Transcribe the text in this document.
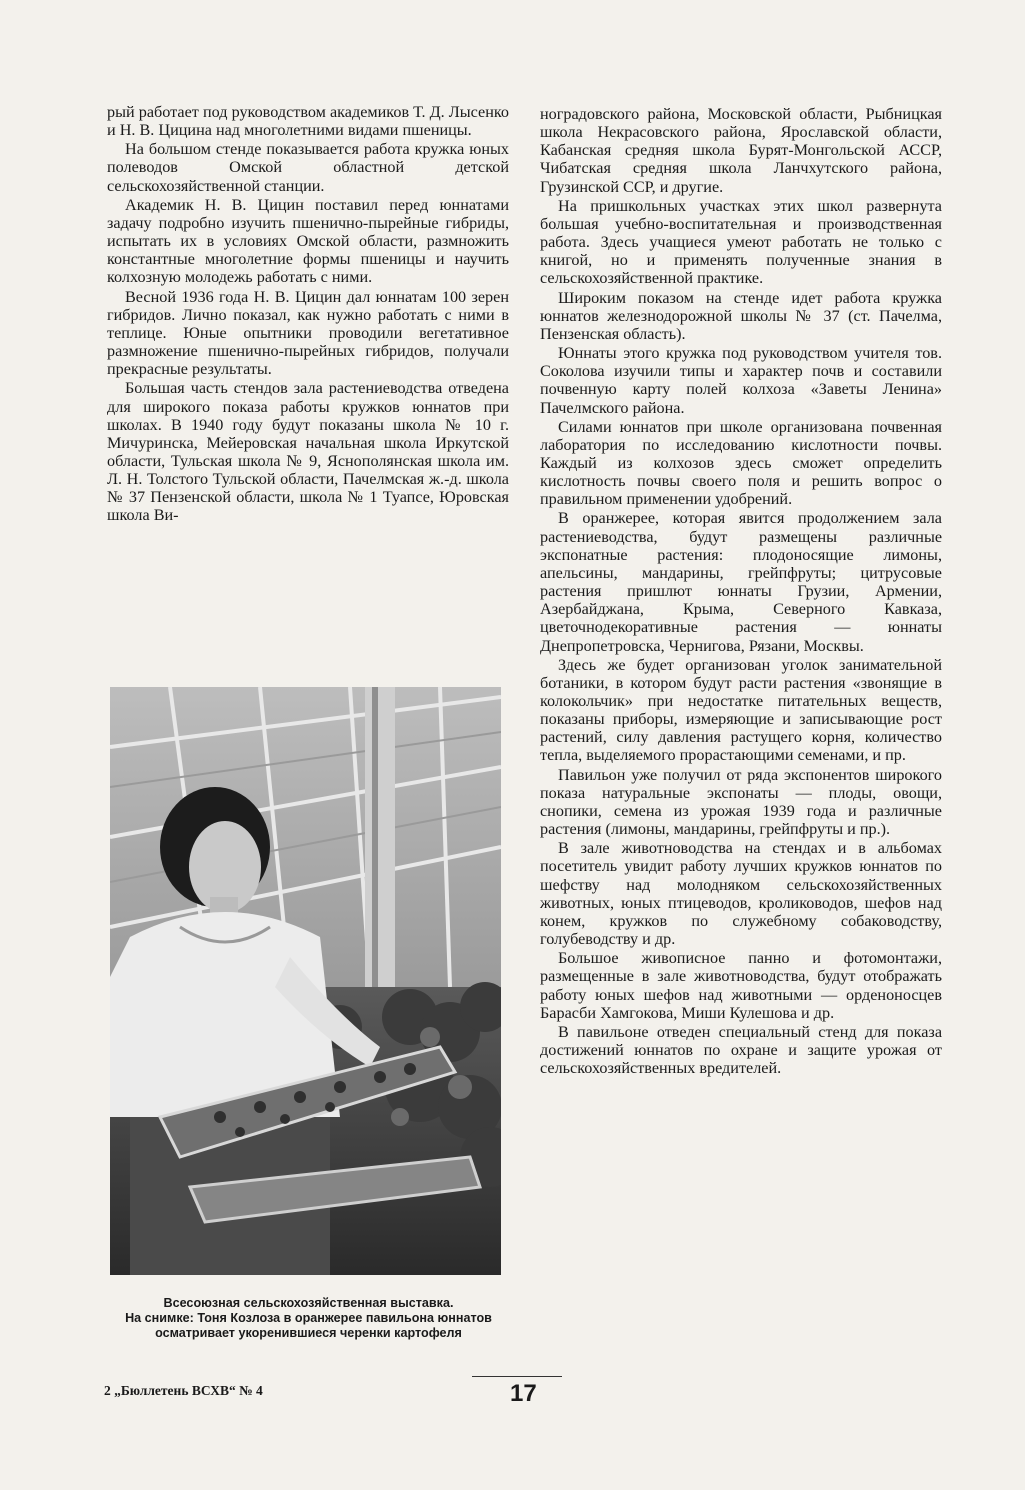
рый работает под руководством академиков Т. Д. Лысенко и Н. В. Цицина над многолетними видами пшеницы.

На большом стенде показывается работа кружка юных полеводов Омской областной детской сельскохозяйственной станции.

Академик Н. В. Цицин поставил перед юннатами задачу подробно изучить пшенично-пырейные гибриды, испытать их в условиях Омской области, размножить константные многолетние формы пшеницы и научить колхозную молодежь работать с ними.

Весной 1936 года Н. В. Цицин дал юннатам 100 зерен гибридов. Лично показал, как нужно работать с ними в теплице. Юные опытники проводили вегетативное размножение пшенично-пырейных гибридов, получали прекрасные результаты.

Большая часть стендов зала растениеводства отведена для широкого показа работы кружков юннатов при школах. В 1940 году будут показаны школа № 10 г. Мичуринска, Мейеровская начальная школа Иркутской области, Тульская школа № 9, Яснополянская школа им. Л. Н. Толстого Тульской области, Пачелмская ж.-д. школа № 37 Пензенской области, школа № 1 Туапсе, Юровская школа Ви-

ноградовского района, Московской области, Рыбницкая школа Некрасовского района, Ярославской области, Кабанская средняя школа Бурят-Монгольской АССР, Чибатская средняя школа Ланчхутского района, Грузинской ССР, и другие.

На пришкольных участках этих школ развернута большая учебно-воспитательная и производственная работа. Здесь учащиеся умеют работать не только с книгой, но и применять полученные знания в сельскохозяйственной практике.

Широким показом на стенде идет работа кружка юннатов железнодорожной школы № 37 (ст. Пачелма, Пензенская область).

Юннаты этого кружка под руководством учителя тов. Соколова изучили типы и характер почв и составили почвенную карту полей колхоза «Заветы Ленина» Пачелмского района.

Силами юннатов при школе организована почвенная лаборатория по исследованию кислотности почвы. Каждый из колхозов здесь сможет определить кислотность почвы своего поля и решить вопрос о правильном применении удобрений.

В оранжерее, которая явится продолжением зала растениеводства, будут размещены различные экспонатные растения: плодоносящие лимоны, апельсины, мандарины, грейпфруты; цитрусовые растения пришлют юннаты Грузии, Армении, Азербайджана, Крыма, Северного Кавказа, цветочнодекоративные растения — юннаты Днепропетровска, Чернигова, Рязани, Москвы.

Здесь же будет организован уголок занимательной ботаники, в котором будут расти растения «звонящие в колокольчик» при недостатке питательных веществ, показаны приборы, измеряющие и записывающие рост растений, силу давления растущего корня, количество тепла, выделяемого прорастающими семенами, и пр.

Павильон уже получил от ряда экспонентов широкого показа натуральные экспонаты — плоды, овощи, снопики, семена из урожая 1939 года и различные растения (лимоны, мандарины, грейпфруты и пр.).

В зале животноводства на стендах и в альбомах посетитель увидит работу лучших кружков юннатов по шефству над молодняком сельскохозяйственных животных, юных птицеводов, кролиководов, шефов над конем, кружков по служебному собаководству, голубеводству и др.

Большое живописное панно и фотомонтажи, размещенные в зале животноводства, будут отображать работу юных шефов над животными — орденоносцев Барасби Хамгокова, Миши Кулешова и др.

В павильоне отведен специальный стенд для показа достижений юннатов по охране и защите урожая от сельскохозяйственных вредителей.

Всесоюзная сельскохозяйственная выставка.
На снимке: Тоня Козлоза в оранжерее павильона юннатов осматривает укоренившиеся черенки картофеля
2 „Бюллетень ВСХВ“ № 4	17
